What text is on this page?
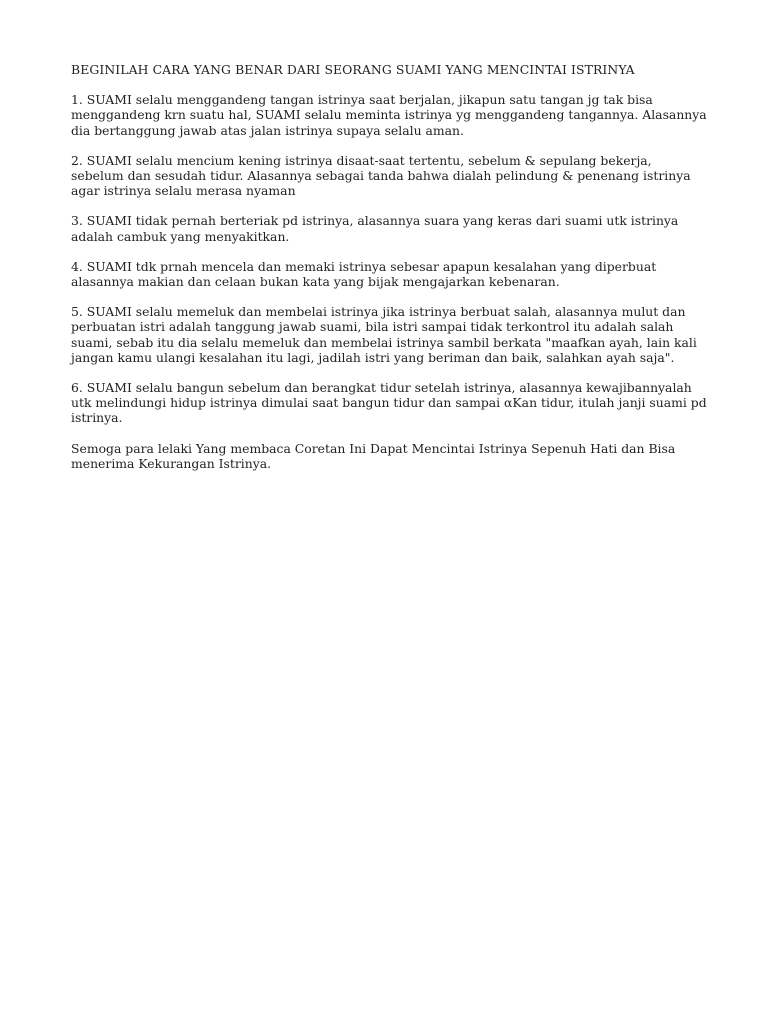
BEGINILAH CARA YANG BENAR DARI SEORANG SUAMI YANG MENCINTAI ISTRINYA

1. SUAMI selalu menggandeng tangan istrinya saat berjalan, jikapun satu tangan jg tak bisa menggandeng krn suatu hal, SUAMI selalu meminta istrinya yg menggandeng tangannya. Alasannya dia bertanggung jawab atas jalan istrinya supaya selalu aman.

2. SUAMI selalu mencium kening istrinya disaat-saat tertentu, sebelum & sepulang bekerja, sebelum dan sesudah tidur. Alasannya sebagai tanda bahwa dialah pelindung & penenang istrinya agar istrinya selalu merasa nyaman

3. SUAMI tidak pernah berteriak pd istrinya, alasannya suara yang keras dari suami utk istrinya adalah cambuk yang menyakitkan.

4. SUAMI tdk prnah mencela dan memaki istrinya sebesar apapun kesalahan yang diperbuat alasannya makian dan celaan bukan kata yang bijak mengajarkan kebenaran.

5. SUAMI selalu memeluk dan membelai istrinya jika istrinya berbuat salah, alasannya mulut dan perbuatan istri adalah tanggung jawab suami, bila istri sampai tidak terkontrol itu adalah salah suami, sebab itu dia selalu memeluk dan membelai istrinya sambil berkata "maafkan ayah, lain kali jangan kamu ulangi kesalahan itu lagi, jadilah istri yang beriman dan baik, salahkan ayah saja".

6. SUAMI selalu bangun sebelum dan berangkat tidur setelah istrinya, alasannya kewajibannyalah utk melindungi hidup istrinya dimulai saat bangun tidur dan sampai αKan tidur, itulah janji suami pd istrinya.

Semoga para lelaki Yang membaca Coretan Ini Dapat Mencintai Istrinya Sepenuh Hati dan Bisa menerima Kekurangan Istrinya.
